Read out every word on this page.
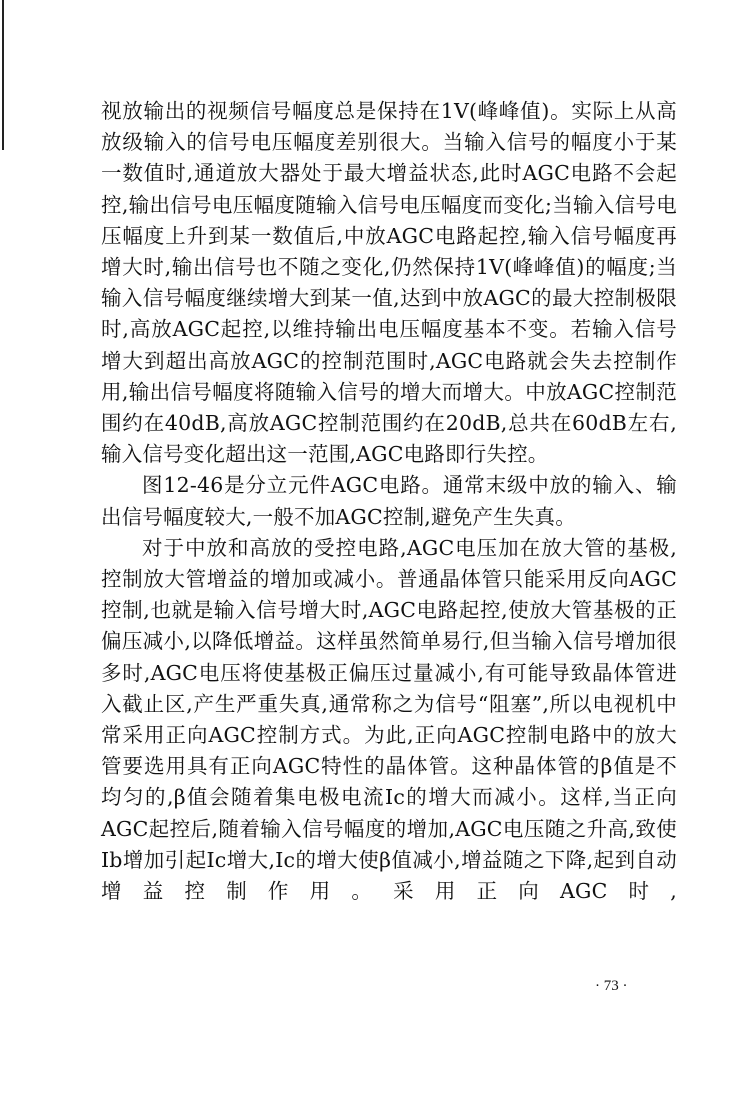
视放输出的视频信号幅度总是保持在1V(峰峰值)。实际上从高放级输入的信号电压幅度差别很大。当输入信号的幅度小于某一数值时,通道放大器处于最大增益状态,此时AGC电路不会起控,输出信号电压幅度随输入信号电压幅度而变化;当输入信号电压幅度上升到某一数值后,中放AGC电路起控,输入信号幅度再增大时,输出信号也不随之变化,仍然保持1V(峰峰值)的幅度;当输入信号幅度继续增大到某一值,达到中放AGC的最大控制极限时,高放AGC起控,以维持输出电压幅度基本不变。若输入信号增大到超出高放AGC的控制范围时,AGC电路就会失去控制作用,输出信号幅度将随输入信号的增大而增大。中放AGC控制范围约在40dB,高放AGC控制范围约在20dB,总共在60dB左右,输入信号变化超出这一范围,AGC电路即行失控。

图12-46是分立元件AGC电路。通常末级中放的输入、输出信号幅度较大,一般不加AGC控制,避免产生失真。

对于中放和高放的受控电路,AGC电压加在放大管的基极,控制放大管增益的增加或减小。普通晶体管只能采用反向AGC控制,也就是输入信号增大时,AGC电路起控,使放大管基极的正偏压减小,以降低增益。这样虽然简单易行,但当输入信号增加很多时,AGC电压将使基极正偏压过量减小,有可能导致晶体管进入截止区,产生严重失真,通常称之为信号“阻塞”,所以电视机中常采用正向AGC控制方式。为此,正向AGC控制电路中的放大管要选用具有正向AGC特性的晶体管。这种晶体管的β值是不均匀的,β值会随着集电极电流Ic的增大而减小。这样,当正向AGC起控后,随着输入信号幅度的增加,AGC电压随之升高,致使Ib增加引起Ic增大,Ic的增大使β值减小,增益随之下降,起到自动增益控制作用。采用正向AGC时,

· 73 ·
